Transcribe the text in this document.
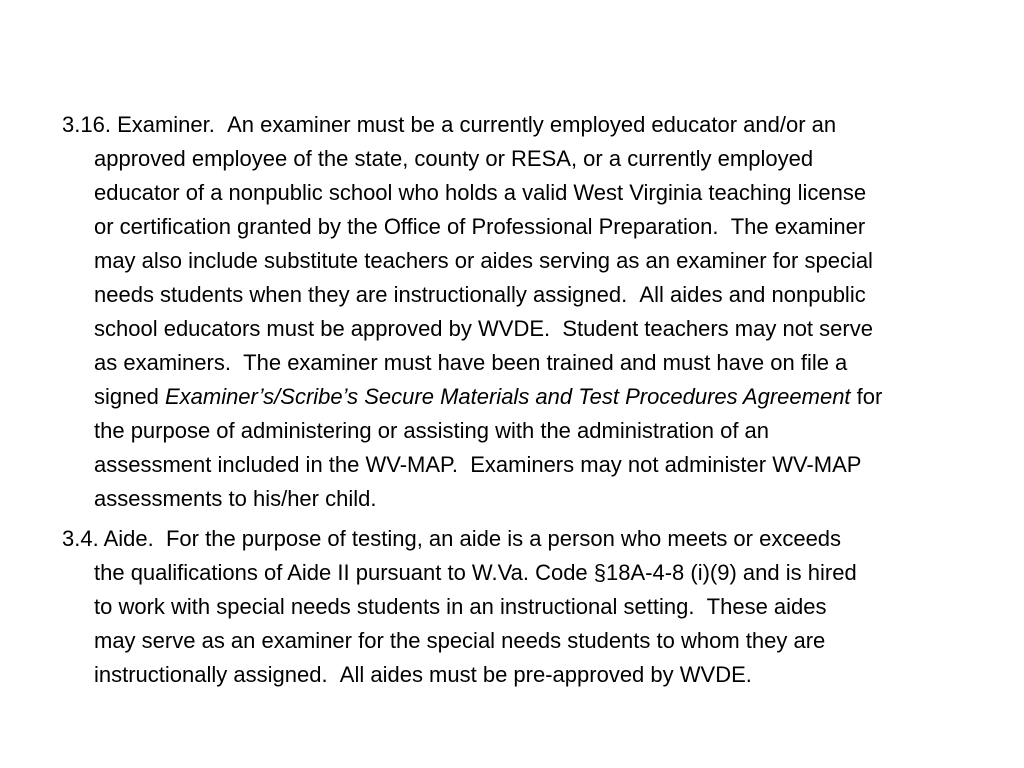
3.16. Examiner.  An examiner must be a currently employed educator and/or an
approved employee of the state, county or RESA, or a currently employed
educator of a nonpublic school who holds a valid West Virginia teaching license
or certification granted by the Office of Professional Preparation.  The examiner
may also include substitute teachers or aides serving as an examiner for special
needs students when they are instructionally assigned.  All aides and nonpublic
school educators must be approved by WVDE.  Student teachers may not serve
as examiners.  The examiner must have been trained and must have on file a
signed Examiner’s/Scribe’s Secure Materials and Test Procedures Agreement for
the purpose of administering or assisting with the administration of an
assessment included in the WV-MAP.  Examiners may not administer WV-MAP
assessments to his/her child.

3.4. Aide.  For the purpose of testing, an aide is a person who meets or exceeds
the qualifications of Aide II pursuant to W.Va. Code §18A-4-8 (i)(9) and is hired
to work with special needs students in an instructional setting.  These aides
may serve as an examiner for the special needs students to whom they are
instructionally assigned.  All aides must be pre-approved by WVDE.
